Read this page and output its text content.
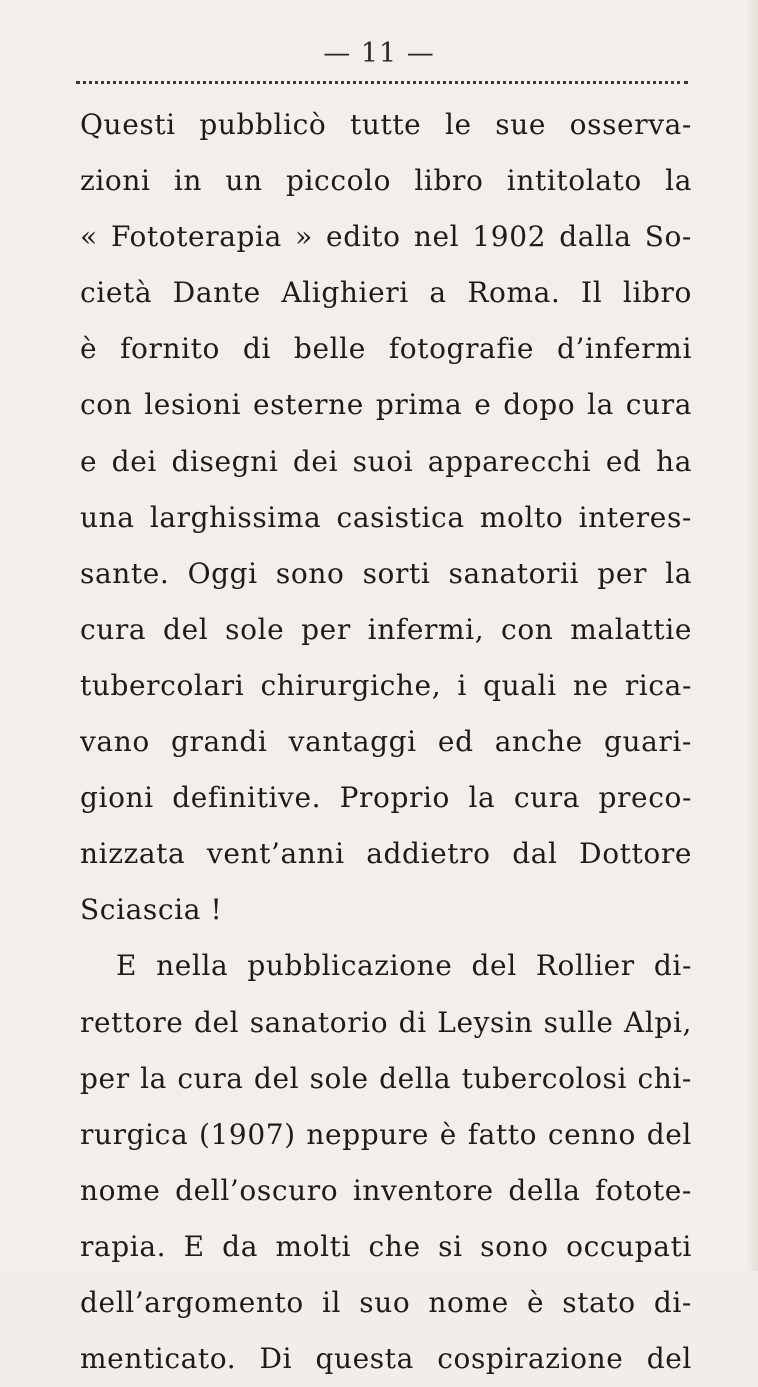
— 11 —
Questi pubblicò tutte le sue osserva-
zioni in un piccolo libro intitolato la
« Fototerapia » edito nel 1902 dalla So-
cietà Dante Alighieri a Roma. Il libro
è fornito di belle fotografie d’infermi
con lesioni esterne prima e dopo la cura
e dei disegni dei suoi apparecchi ed ha
una larghissima casistica molto interes-
sante. Oggi sono sorti sanatorii per la
cura del sole per infermi, con malattie
tubercolari chirurgiche, i quali ne rica-
vano grandi vantaggi ed anche guari-
gioni definitive. Proprio la cura preco-
nizzata vent’anni addietro dal Dottore
Sciascia !
E nella pubblicazione del Rollier di-
rettore del sanatorio di Leysin sulle Alpi,
per la cura del sole della tubercolosi chi-
rurgica (1907) neppure è fatto cenno del
nome dell’oscuro inventore della fotote-
rapia. E da molti che si sono occupati
dell’argomento il suo nome è stato di-
menticato. Di questa cospirazione del
